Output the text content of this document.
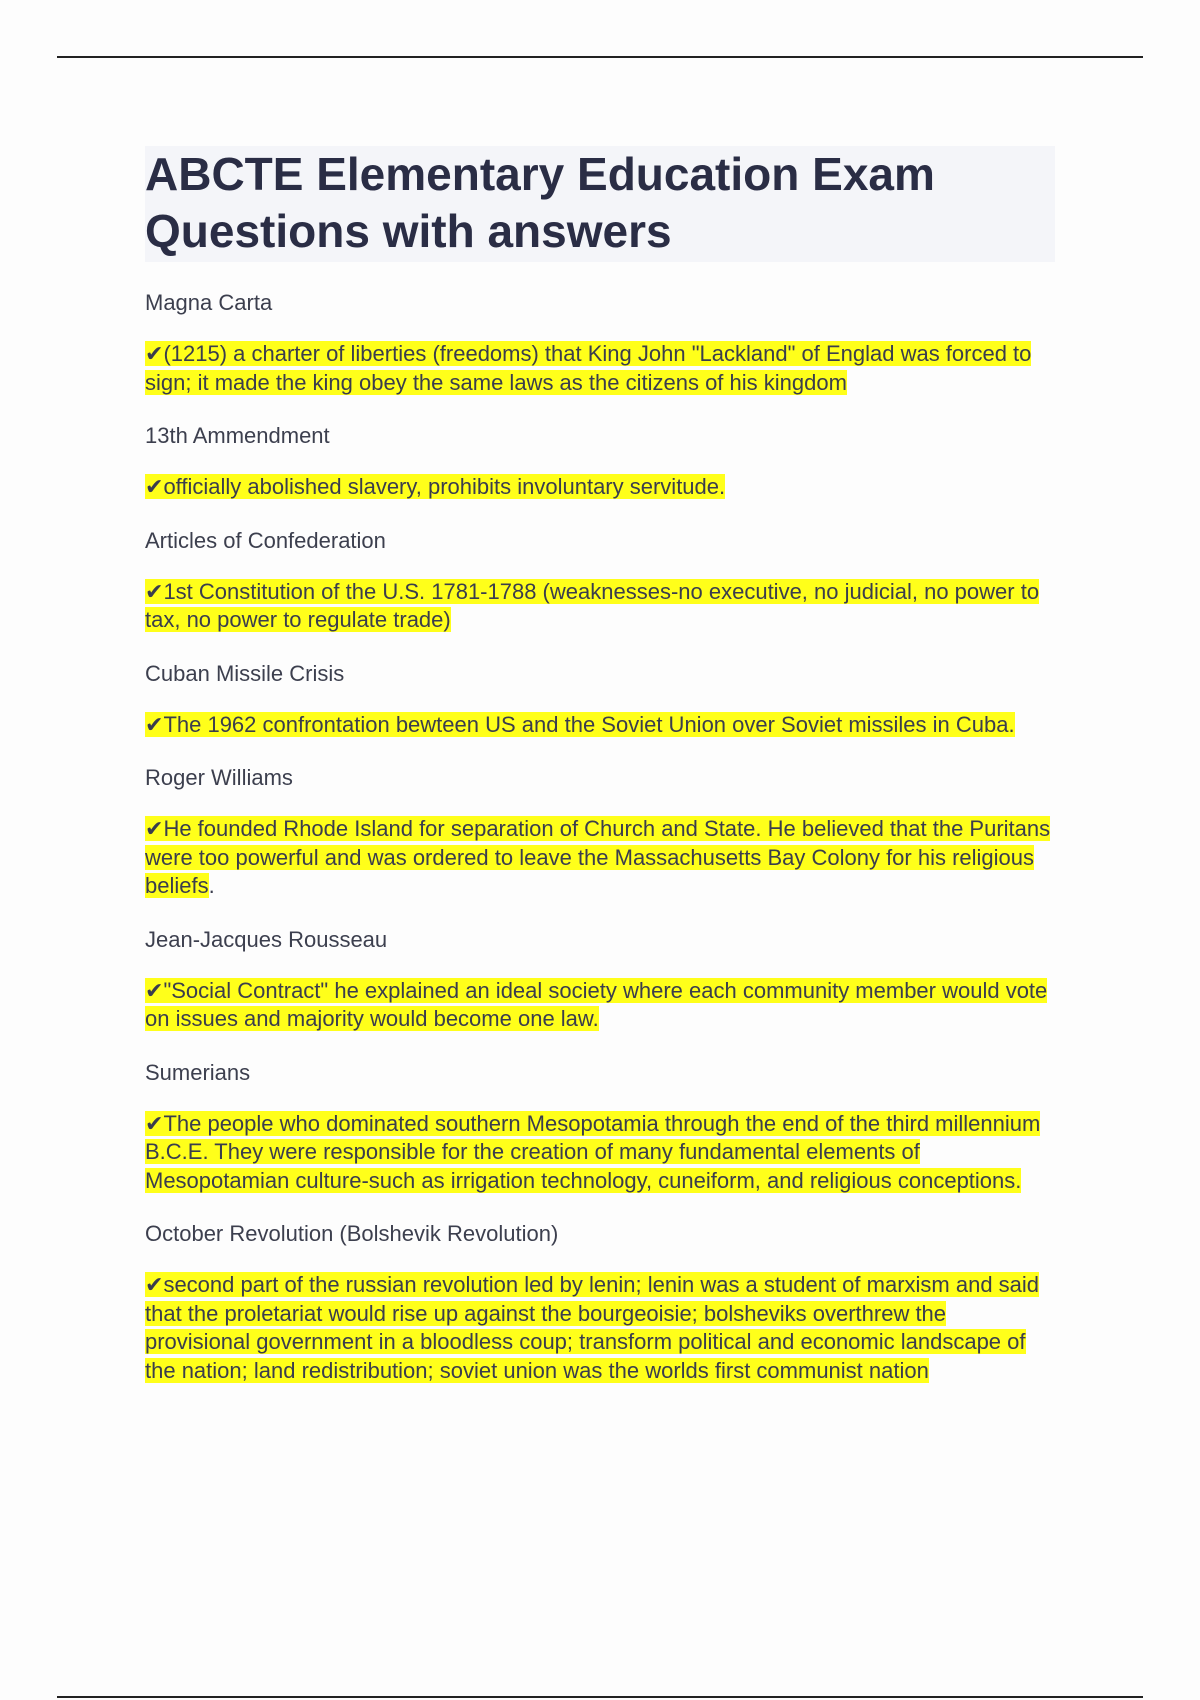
ABCTE Elementary Education Exam Questions with answers

Magna Carta

✔(1215) a charter of liberties (freedoms) that King John "Lackland" of Englad was forced to sign; it made the king obey the same laws as the citizens of his kingdom

13th Ammendment

✔officially abolished slavery, prohibits involuntary servitude.

Articles of Confederation

✔1st Constitution of the U.S. 1781-1788 (weaknesses-no executive, no judicial, no power to tax, no power to regulate trade)

Cuban Missile Crisis

✔The 1962 confrontation bewteen US and the Soviet Union over Soviet missiles in Cuba.

Roger Williams

✔He founded Rhode Island for separation of Church and State. He believed that the Puritans were too powerful and was ordered to leave the Massachusetts Bay Colony for his religious beliefs.

Jean-Jacques Rousseau

✔"Social Contract" he explained an ideal society where each community member would vote on issues and majority would become one law.

Sumerians

✔The people who dominated southern Mesopotamia through the end of the third millennium B.C.E. They were responsible for the creation of many fundamental elements of Mesopotamian culture-such as irrigation technology, cuneiform, and religious conceptions.

October Revolution (Bolshevik Revolution)

✔second part of the russian revolution led by lenin; lenin was a student of marxism and said that the proletariat would rise up against the bourgeoisie; bolsheviks overthrew the provisional government in a bloodless coup; transform political and economic landscape of the nation; land redistribution; soviet union was the worlds first communist nation
